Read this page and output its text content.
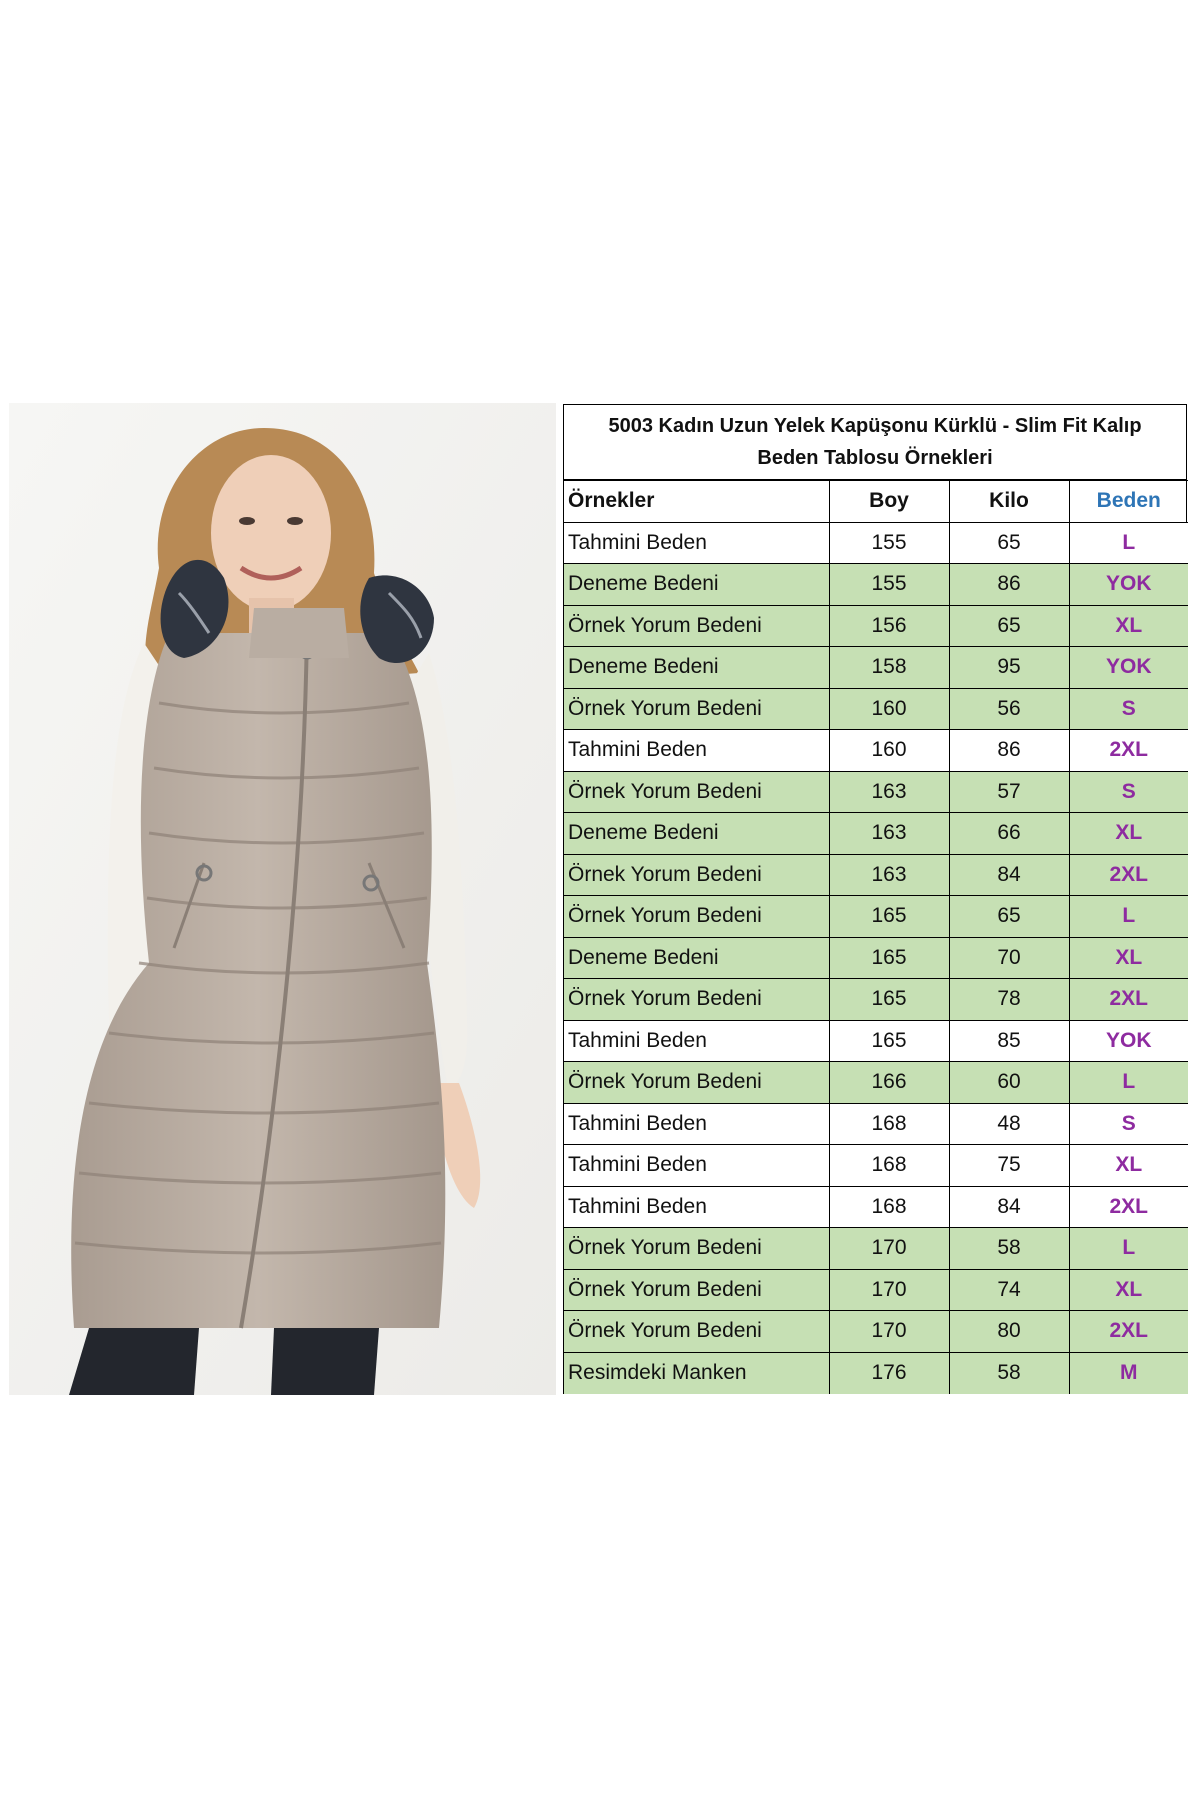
5003 Kadın Uzun Yelek Kapüşonu Kürklü - Slim Fit Kalıp
Beden Tablosu Örnekleri
Örnekler	Boy	Kilo	Beden
Tahmini Beden	155	65	L
Deneme Bedeni	155	86	YOK
Örnek Yorum Bedeni	156	65	XL
Deneme Bedeni	158	95	YOK
Örnek Yorum Bedeni	160	56	S
Tahmini Beden	160	86	2XL
Örnek Yorum Bedeni	163	57	S
Deneme Bedeni	163	66	XL
Örnek Yorum Bedeni	163	84	2XL
Örnek Yorum Bedeni	165	65	L
Deneme Bedeni	165	70	XL
Örnek Yorum Bedeni	165	78	2XL
Tahmini Beden	165	85	YOK
Örnek Yorum Bedeni	166	60	L
Tahmini Beden	168	48	S
Tahmini Beden	168	75	XL
Tahmini Beden	168	84	2XL
Örnek Yorum Bedeni	170	58	L
Örnek Yorum Bedeni	170	74	XL
Örnek Yorum Bedeni	170	80	2XL
Resimdeki Manken	176	58	M
